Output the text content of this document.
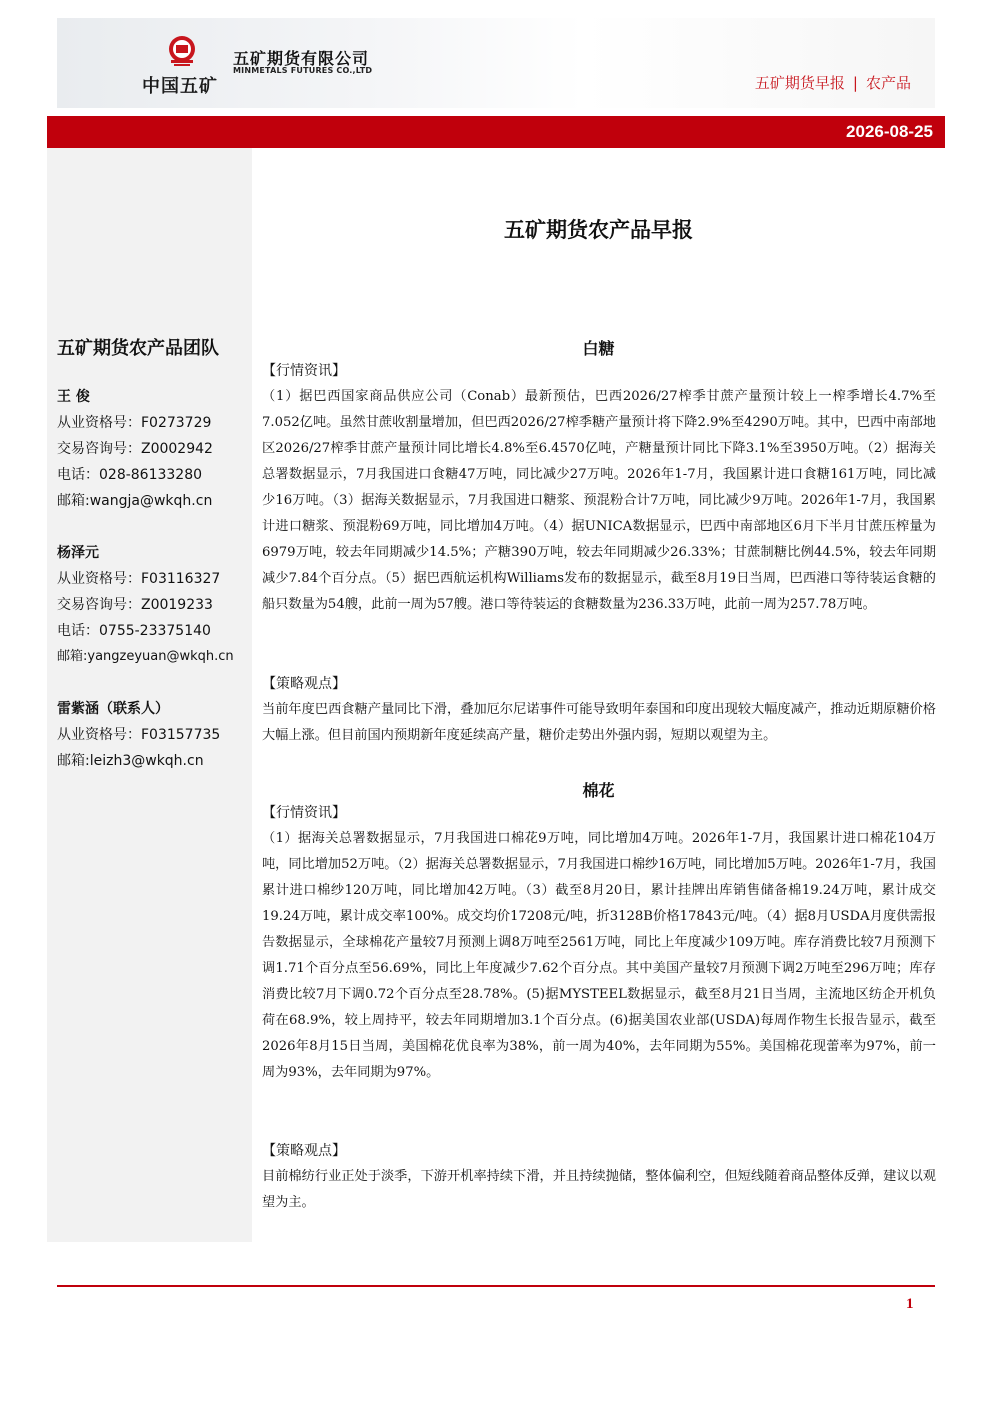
中国五矿
五矿期货有限公司
MINMETALS FUTURES CO.,LTD
五矿期货早报 | 农产品
2026-08-25
五矿期货农产品团队
王 俊
从业资格号：F0273729
交易咨询号：Z0002942
电话：028-86133280
邮箱:wangja@wkqh.cn
杨泽元
从业资格号：F03116327
交易咨询号：Z0019233
电话：0755-23375140
邮箱:yangzeyuan@wkqh.cn
雷紫涵（联系人）
从业资格号：F03157735
邮箱:leizh3@wkqh.cn
五矿期货农产品早报
白糖
【行情资讯】
（1）据巴西国家商品供应公司（Conab）最新预估，巴西2026/27榨季甘蔗产量预计较上一榨季增长4.7%至7.052亿吨。虽然甘蔗收割量增加，但巴西2026/27榨季糖产量预计将下降2.9%至4290万吨。其中，巴西中南部地区2026/27榨季甘蔗产量预计同比增长4.8%至6.4570亿吨，产糖量预计同比下降3.1%至3950万吨。（2）据海关总署数据显示，7月我国进口食糖47万吨，同比减少27万吨。2026年1-7月，我国累计进口食糖161万吨，同比减少16万吨。（3）据海关数据显示，7月我国进口糖浆、预混粉合计7万吨，同比减少9万吨。2026年1-7月，我国累计进口糖浆、预混粉69万吨，同比增加4万吨。（4）据UNICA数据显示，巴西中南部地区6月下半月甘蔗压榨量为6979万吨，较去年同期减少14.5%；产糖390万吨，较去年同期减少26.33%；甘蔗制糖比例44.5%，较去年同期减少7.84个百分点。（5）据巴西航运机构Williams发布的数据显示，截至8月19日当周，巴西港口等待装运食糖的船只数量为54艘，此前一周为57艘。港口等待装运的食糖数量为236.33万吨，此前一周为257.78万吨。
【策略观点】
当前年度巴西食糖产量同比下滑，叠加厄尔尼诺事件可能导致明年泰国和印度出现较大幅度减产，推动近期原糖价格大幅上涨。但目前国内预期新年度延续高产量，糖价走势出外强内弱，短期以观望为主。
棉花
【行情资讯】
（1）据海关总署数据显示，7月我国进口棉花9万吨，同比增加4万吨。2026年1-7月，我国累计进口棉花104万吨，同比增加52万吨。（2）据海关总署数据显示，7月我国进口棉纱16万吨，同比增加5万吨。2026年1-7月，我国累计进口棉纱120万吨，同比增加42万吨。（3）截至8月20日，累计挂牌出库销售储备棉19.24万吨，累计成交19.24万吨，累计成交率100%。成交均价17208元/吨，折3128B价格17843元/吨。（4）据8月USDA月度供需报告数据显示，全球棉花产量较7月预测上调8万吨至2561万吨，同比上年度减少109万吨。库存消费比较7月预测下调1.71个百分点至56.69%，同比上年度减少7.62个百分点。其中美国产量较7月预测下调2万吨至296万吨；库存消费比较7月下调0.72个百分点至28.78%。(5)据MYSTEEL数据显示，截至8月21日当周，主流地区纺企开机负荷在68.9%，较上周持平，较去年同期增加3.1个百分点。(6)据美国农业部(USDA)每周作物生长报告显示，截至2026年8月15日当周，美国棉花优良率为38%，前一周为40%，去年同期为55%。美国棉花现蕾率为97%，前一周为93%，去年同期为97%。
【策略观点】
目前棉纺行业正处于淡季，下游开机率持续下滑，并且持续抛储，整体偏利空，但短线随着商品整体反弹，建议以观望为主。
1
